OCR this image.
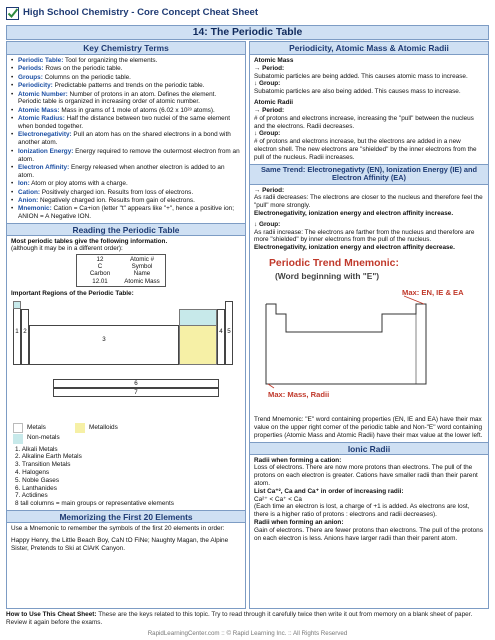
High School Chemistry - Core Concept Cheat Sheet
14: The Periodic Table
Key Chemistry Terms
• Periodic Table: Tool for organizing the elements.
• Periods: Rows on the periodic table.
• Groups: Columns on the periodic table.
• Periodicity: Predictable patterns and trends on the periodic table.
• Atomic Number: Number of protons in an atom. Defines the element. Periodic table is organized in increasing order of atomic number.
• Atomic Mass: Mass in grams of 1 mole of atoms (6.02 x 10²³ atoms).
• Atomic Radius: Half the distance between two nuclei of the same element when bonded together.
• Electronegativity: Pull an atom has on the shared electrons in a bond with another atom.
• Ionization Energy: Energy required to remove the outermost electron from an atom.
• Electron Affinity: Energy released when another electron is added to an atom.
• Ion: Atom or ploy atoms with a charge.
• Cation: Positively charged ion. Results from loss of electrons.
• Anion: Negatively charged ion. Results from gain of electrons.
• Mnemonic: Cation = Ca+ion (letter "t" appears like "+", hence a positive ion; ANION = A Negative ION.
Reading the Periodic Table
Most periodic tables give the following information.
(although it may be in a different order):
12	Atomic #
C	Symbol
Carbon	Name
12.01	Atomic Mass
Important Regions of the Periodic Table:
1 2
3
4 5
6
7
Metals	Metalloids
Non-metals
1. Alkali Metals
2. Alkaline Earth Metals
3. Transition Metals
4. Halogens
5. Noble Gases
6. Lanthanides
7. Actidines
8 tall columns = main groups or representative elements
Memorizing the First 20 Elements
Use a Mnemonic to remember the symbols of the first 20 elements in order:
Happy Henry, the Little Beach Boy, CaN tO FiNe; Naughty Magan, the Alpine Sister, Pretends to Ski at ClArK Canyon.
Periodicity, Atomic Mass & Atomic Radii
Atomic Mass
→ Period:
Subatomic particles are being added. This causes atomic mass to increase.
↓ Group:
Subatomic particles are also being added. This causes mass to increase.
Atomic Radii
→ Period:
# of protons and electrons increase, increasing the "pull" between the nucleus and the electrons. Radii decreases.
↓ Group:
# of protons and electrons increase, but the electrons are added in a new electron shell. The new electrons are "shielded" by the inner electrons from the pull of the nucleus. Radii increases.
Same Trend: Electronegativty (EN), Ionization Energy (IE) and Electron Affinity (EA)
→ Period:
As radii decreases: The electrons are closer to the nucleus and therefore feel the "pull" more strongly.
Electronegativity, ionization energy and electron affinity increase.
↓ Group:
As radii increase: The electrons are farther from the nucleus and therefore are more "shielded" by inner electrons from the pull of the nucleus.
Electronegativity, ionization energy and electron affinity decrease.
Periodic Trend Mnemonic:
(Word beginning with "E")
Max: EN, IE & EA
Max: Mass, Radii
Trend Mnemonic: "E" word containing properties (EN, IE and EA) have their max value on the upper right corner of the periodic table and Non-"E" word containing properties (Atomic Mass and Atomic Radii) have their max value at the lower left.
Ionic Radii
Radii when forming a cation:
Loss of electrons. There are now more protons than electrons. The pull of the protons on each electron is greater. Cations have smaller radii than their parent atom.
List Ca⁺², Ca and Ca⁺ in order of increasing radii:
Ca²⁺ < Ca⁺ < Ca
(Each time an electron is lost, a charge of +1 is added. As electrons are lost, there is a higher ratio of protons : electrons and radii decreases).
Radii when forming an anion:
Gain of electrons. There are fewer protons than electrons. The pull of the protons on each electron is less. Anions have larger radii than their parent atom.
How to Use This Cheat Sheet: These are the keys related to this topic. Try to read through it carefully twice then write it out from memory on a blank sheet of paper. Review it again before the exams.
RapidLearningCenter.com :: © Rapid Learning Inc. :: All Rights Reserved
